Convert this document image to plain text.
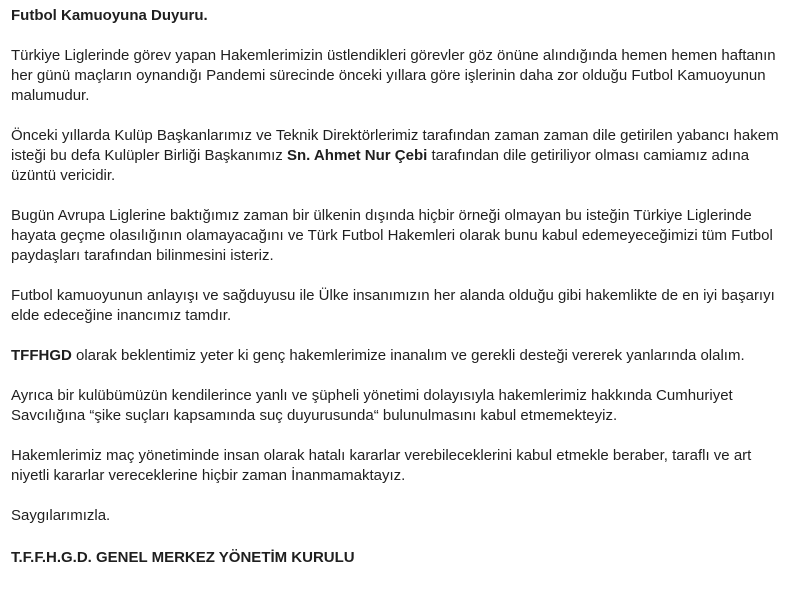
Futbol Kamuoyuna Duyuru.

Türkiye Liglerinde görev yapan Hakemlerimizin üstlendikleri görevler göz önüne alındığında hemen hemen haftanın her günü maçların oynandığı Pandemi sürecinde önceki yıllara göre işlerinin daha zor olduğu Futbol Kamuoyunun malumudur.

Önceki yıllarda Kulüp Başkanlarımız ve Teknik Direktörlerimiz tarafından zaman zaman dile getirilen yabancı hakem isteği bu defa Kulüpler Birliği Başkanımız Sn. Ahmet Nur Çebi tarafından dile getiriliyor olması camiamız adına üzüntü vericidir.

Bugün Avrupa Liglerine baktığımız zaman bir ülkenin dışında hiçbir örneği olmayan bu isteğin Türkiye Liglerinde hayata geçme olasılığının olamayacağını ve Türk Futbol Hakemleri olarak bunu kabul edemeyeceğimizi tüm Futbol paydaşları tarafından bilinmesini isteriz.

Futbol kamuoyunun anlayışı ve sağduyusu ile Ülke insanımızın her alanda olduğu gibi hakemlikte de en iyi başarıyı elde edeceğine inancımız tamdır.

TFFHGD olarak beklentimiz yeter ki genç hakemlerimize inanalım ve gerekli desteği vererek yanlarında olalım.

Ayrıca bir kulübümüzün kendilerince yanlı ve şüpheli yönetimi dolayısıyla hakemlerimiz hakkında Cumhuriyet Savcılığına “şike suçları kapsamında suç duyurusunda“ bulunulmasını kabul etmemekteyiz.

Hakemlerimiz maç yönetiminde insan olarak hatalı kararlar verebileceklerini kabul etmekle beraber, taraflı ve art niyetli kararlar vereceklerine hiçbir zaman İnanmamaktayız.

Saygılarımızla.

T.F.F.H.G.D. GENEL MERKEZ YÖNETİM KURULU
